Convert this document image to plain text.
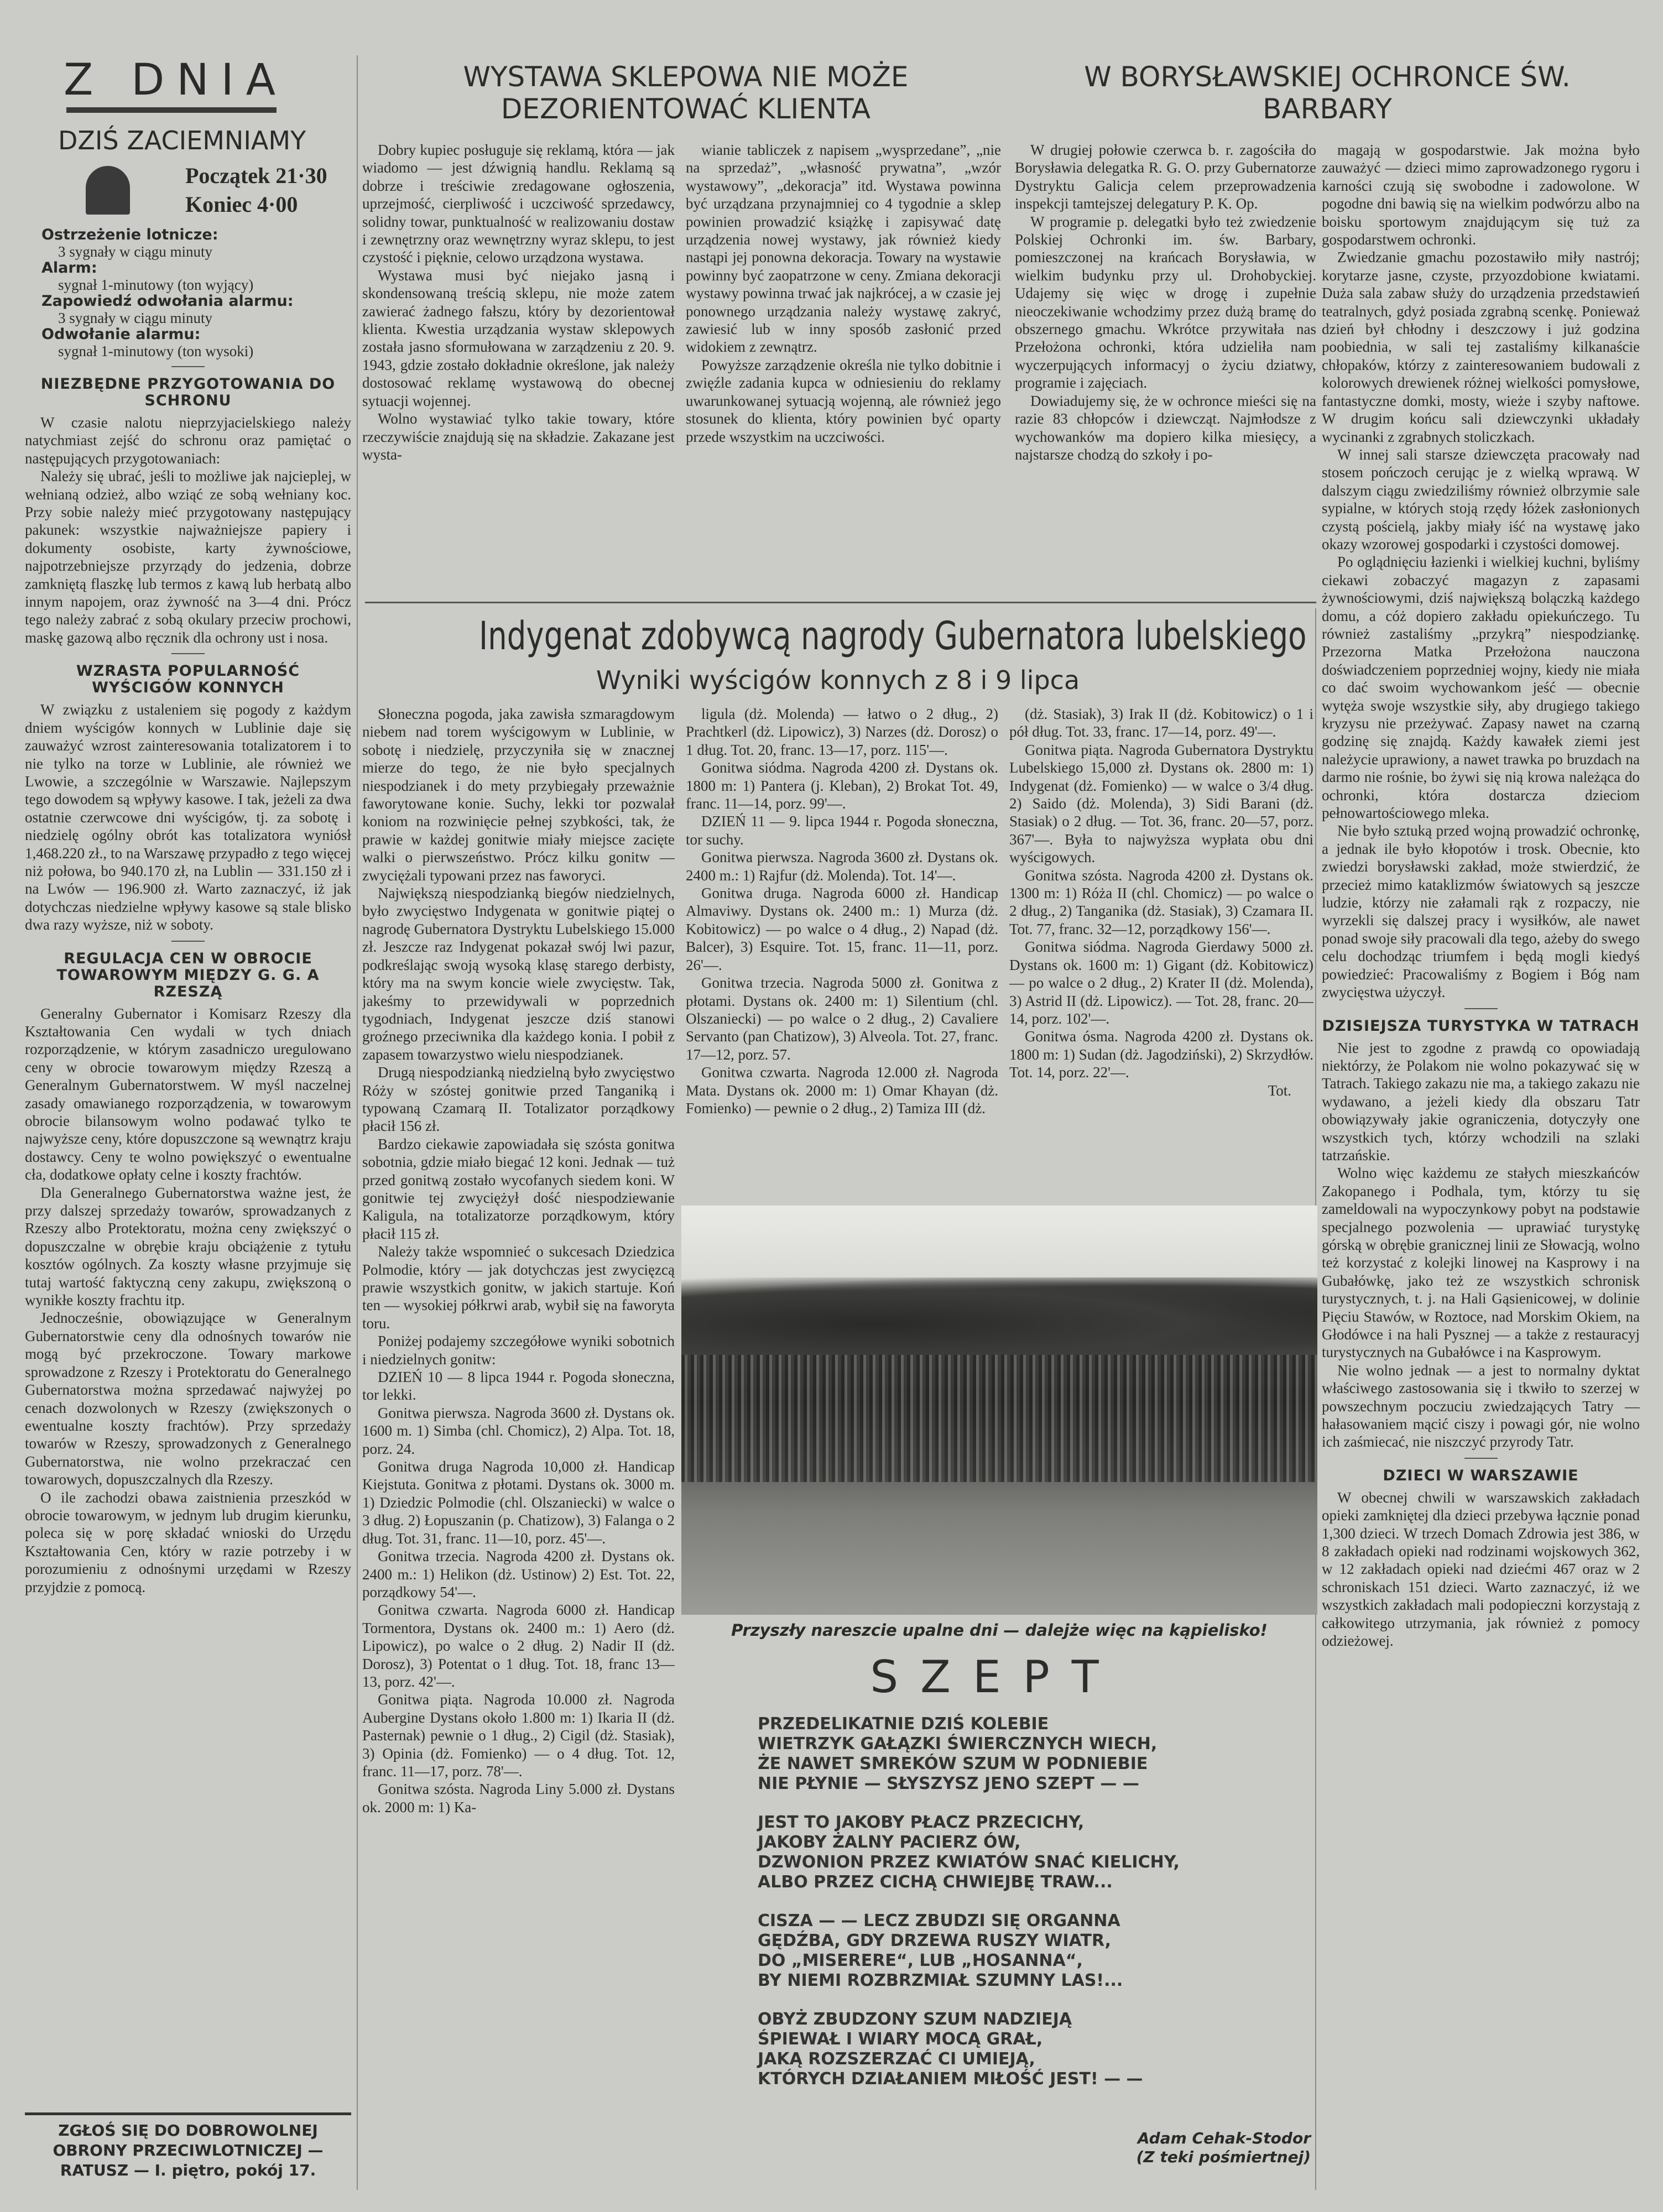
Z DNIA
DZIŚ ZACIEMNIAMY
Początek 21·30
Koniec 4·00
Ostrzeżenie lotnicze:
3 sygnały w ciągu minuty
Alarm:
sygnał 1-minutowy (ton wyjący)
Zapowiedź odwołania alarmu:
3 sygnały w ciągu minuty
Odwołanie alarmu:
sygnał 1-minutowy (ton wysoki)
NIEZBĘDNE PRZYGOTOWANIA DO SCHRONU

W czasie nalotu nieprzyjacielskiego należy natychmiast zejść do schronu oraz pamiętać o następujących przygotowaniach:

Należy się ubrać, jeśli to możliwe jak najcieplej, w wełnianą odzież, albo wziąć ze sobą wełniany koc. Przy sobie należy mieć przygotowany następujący pakunek: wszystkie najważniejsze papiery i dokumenty osobiste, karty żywnościowe, najpotrzebniejsze przyrządy do jedzenia, dobrze zamkniętą flaszkę lub termos z kawą lub herbatą albo innym napojem, oraz żywność na 3—4 dni. Prócz tego należy zabrać z sobą okulary przeciw prochowi, maskę gazową albo ręcznik dla ochrony ust i nosa.

WZRASTA POPULARNOŚĆ WYŚCIGÓW KONNYCH

W związku z ustaleniem się pogody z każdym dniem wyścigów konnych w Lublinie daje się zauważyć wzrost zainteresowania totalizatorem i to nie tylko na torze w Lublinie, ale również we Lwowie, a szczególnie w Warszawie. Najlepszym tego dowodem są wpływy kasowe. I tak, jeżeli za dwa ostatnie czerwcowe dni wyścigów, tj. za sobotę i niedzielę ogólny obrót kas totalizatora wyniósł 1,468.220 zł., to na Warszawę przypadło z tego więcej niż połowa, bo 940.170 zł, na Lublin — 331.150 zł i na Lwów — 196.900 zł. Warto zaznaczyć, iż jak dotychczas niedzielne wpływy kasowe są stale blisko dwa razy wyższe, niż w soboty.

REGULACJA CEN W OBROCIE TOWAROWYM MIĘDZY G. G. A RZESZĄ

Generalny Gubernator i Komisarz Rzeszy dla Kształtowania Cen wydali w tych dniach rozporządzenie, w którym zasadniczo uregulowano ceny w obrocie towarowym między Rzeszą a Generalnym Gubernatorstwem. W myśl naczelnej zasady omawianego rozporządzenia, w towarowym obrocie bilansowym wolno podawać tylko te najwyższe ceny, które dopuszczone są wewnątrz kraju dostawcy. Ceny te wolno powiększyć o ewentualne cła, dodatkowe opłaty celne i koszty frachtów.

Dla Generalnego Gubernatorstwa ważne jest, że przy dalszej sprzedaży towarów, sprowadzanych z Rzeszy albo Protektoratu, można ceny zwiększyć o dopuszczalne w obrębie kraju obciążenie z tytułu kosztów ogólnych. Za koszty własne przyjmuje się tutaj wartość faktyczną ceny zakupu, zwiększoną o wynikłe koszty frachtu itp.

Jednocześnie, obowiązujące w Generalnym Gubernatorstwie ceny dla odnośnych towarów nie mogą być przekroczone. Towary markowe sprowadzone z Rzeszy i Protektoratu do Generalnego Gubernatorstwa można sprzedawać najwyżej po cenach dozwolonych w Rzeszy (zwiększonych o ewentualne koszty frachtów). Przy sprzedaży towarów w Rzeszy, sprowadzonych z Generalnego Gubernatorstwa, nie wolno przekraczać cen towarowych, dopuszczalnych dla Rzeszy.

O ile zachodzi obawa zaistnienia przeszkód w obrocie towarowym, w jednym lub drugim kierunku, poleca się w porę składać wnioski do Urzędu Kształtowania Cen, który w razie potrzeby i w porozumieniu z odnośnymi urzędami w Rzeszy przyjdzie z pomocą.

ZGŁOŚ SIĘ DO DOBROWOLNEJ OBRONY PRZECIWLOTNICZEJ — RATUSZ — I. piętro, pokój 17.
WYSTAWA SKLEPOWA NIE MOŻE DEZORIENTOWAĆ KLIENTA

Dobry kupiec posługuje się reklamą, która — jak wiadomo — jest dźwignią handlu. Reklamą są dobrze i treściwie zredagowane ogłoszenia, uprzejmość, cierpliwość i uczciwość sprzedawcy, solidny towar, punktualność w realizowaniu dostaw i zewnętrzny oraz wewnętrzny wyraz sklepu, to jest czystość i pięknie, celowo urządzona wystawa.

Wystawa musi być niejako jasną i skondensowaną treścią sklepu, nie może zatem zawierać żadnego fałszu, który by dezorientował klienta. Kwestia urządzania wystaw sklepowych została jasno sformułowana w zarządzeniu z 20. 9. 1943, gdzie zostało dokładnie określone, jak należy dostosować reklamę wystawową do obecnej sytuacji wojennej.

Wolno wystawiać tylko takie towary, które rzeczywiście znajdują się na składzie. Zakazane jest wysta-

wianie tabliczek z napisem „wysprzedane”, „nie na sprzedaż”, „własność prywatna”, „wzór wystawowy”, „dekoracja” itd. Wystawa powinna być urządzana przynajmniej co 4 tygodnie a sklep powinien prowadzić książkę i zapisywać datę urządzenia nowej wystawy, jak również kiedy nastąpi jej ponowna dekoracja. Towary na wystawie powinny być zaopatrzone w ceny. Zmiana dekoracji wystawy powinna trwać jak najkrócej, a w czasie jej ponownego urządzania należy wystawę zakryć, zawiesić lub w inny sposób zasłonić przed widokiem z zewnątrz.

Powyższe zarządzenie określa nie tylko dobitnie i zwięźle zadania kupca w odniesieniu do reklamy uwarunkowanej sytuacją wojenną, ale również jego stosunek do klienta, który powinien być oparty przede wszystkim na uczciwości.

W BORYSŁAWSKIEJ OCHRONCE ŚW. BARBARY

W drugiej połowie czerwca b. r. zagościła do Borysławia delegatka R. G. O. przy Gubernatorze Dystryktu Galicja celem przeprowadzenia inspekcji tamtejszej delegatury P. K. Op.

W programie p. delegatki było też zwiedzenie Polskiej Ochronki im. św. Barbary, pomieszczonej na krańcach Borysławia, w wielkim budynku przy ul. Drohobyckiej. Udajemy się więc w drogę i zupełnie nieoczekiwanie wchodzimy przez dużą bramę do obszernego gmachu. Wkrótce przywitała nas Przełożona ochronki, która udzieliła nam wyczerpujących informacyj o życiu dziatwy, programie i zajęciach.

Dowiadujemy się, że w ochronce mieści się na razie 83 chłopców i dziewcząt. Najmłodsze z wychowanków ma dopiero kilka miesięcy, a najstarsze chodzą do szkoły i po-

magają w gospodarstwie. Jak można było zauważyć — dzieci mimo zaprowadzonego rygoru i karności czują się swobodne i zadowolone. W pogodne dni bawią się na wielkim podwórzu albo na boisku sportowym znajdującym się tuż za gospodarstwem ochronki.

Zwiedzanie gmachu pozostawiło miły nastrój; korytarze jasne, czyste, przyozdobione kwiatami. Duża sala zabaw służy do urządzenia przedstawień teatralnych, gdyż posiada zgrabną scenkę. Ponieważ dzień był chłodny i deszczowy i już godzina poobiednia, w sali tej zastaliśmy kilkanaście chłopaków, którzy z zainteresowaniem budowali z kolorowych drewienek różnej wielkości pomysłowe, fantastyczne domki, mosty, wieże i szyby naftowe. W drugim końcu sali dziewczynki układały wycinanki z zgrabnych stoliczkach.

W innej sali starsze dziewczęta pracowały nad stosem pończoch cerując je z wielką wprawą. W dalszym ciągu zwiedziliśmy również olbrzymie sale sypialne, w których stoją rzędy łóżek zasłonionych czystą pościelą, jakby miały iść na wystawę jako okazy wzorowej gospodarki i czystości domowej.

Po oglądnięciu łazienki i wielkiej kuchni, byliśmy ciekawi zobaczyć magazyn z zapasami żywnościowymi, dziś największą bolączką każdego domu, a cóż dopiero zakładu opiekuńczego. Tu również zastaliśmy „przykrą” niespodziankę. Przezorna Matka Przełożona nauczona doświadczeniem poprzedniej wojny, kiedy nie miała co dać swoim wychowankom jeść — obecnie wytęża swoje wszystkie siły, aby drugiego takiego kryzysu nie przeżywać. Zapasy nawet na czarną godzinę się znajdą. Każdy kawałek ziemi jest należycie uprawiony, a nawet trawka po bruzdach na darmo nie rośnie, bo żywi się nią krowa należąca do ochronki, która dostarcza dzieciom pełnowartościowego mleka.

Nie było sztuką przed wojną prowadzić ochronkę, a jednak ile było kłopotów i trosk. Obecnie, kto zwiedzi borysławski zakład, może stwierdzić, że przecież mimo kataklizmów światowych są jeszcze ludzie, którzy nie załamali rąk z rozpaczy, nie wyrzekli się dalszej pracy i wysiłków, ale nawet ponad swoje siły pracowali dla tego, ażeby do swego celu dochodząc triumfem i będą mogli kiedyś powiedzieć: Pracowaliśmy z Bogiem i Bóg nam zwycięstwa użyczył.

DZISIEJSZA TURYSTYKA W TATRACH

Nie jest to zgodne z prawdą co opowiadają niektórzy, że Polakom nie wolno pokazywać się w Tatrach. Takiego zakazu nie ma, a takiego zakazu nie wydawano, a jeżeli kiedy dla obszaru Tatr obowiązywały jakie ograniczenia, dotyczyły one wszystkich tych, którzy wchodzili na szlaki tatrzańskie.

Wolno więc każdemu ze stałych mieszkańców Zakopanego i Podhala, tym, którzy tu się zameldowali na wypoczynkowy pobyt na podstawie specjalnego pozwolenia — uprawiać turystykę górską w obrębie granicznej linii ze Słowacją, wolno też korzystać z kolejki linowej na Kasprowy i na Gubałówkę, jako też ze wszystkich schronisk turystycznych, t. j. na Hali Gąsienicowej, w dolinie Pięciu Stawów, w Roztoce, nad Morskim Okiem, na Głodówce i na hali Pysznej — a także z restauracyj turystycznych na Gubałówce i na Kasprowym.

Nie wolno jednak — a jest to normalny dyktat właściwego zastosowania się i tkwiło to szerzej w powszechnym poczuciu zwiedzających Tatry — hałasowaniem mącić ciszy i powagi gór, nie wolno ich zaśmiecać, nie niszczyć przyrody Tatr.

DZIECI W WARSZAWIE

W obecnej chwili w warszawskich zakładach opieki zamkniętej dla dzieci przebywa łącznie ponad 1,300 dzieci. W trzech Domach Zdrowia jest 386, w 8 zakładach opieki nad rodzinami wojskowych 362, w 12 zakładach opieki nad dziećmi 467 oraz w 2 schroniskach 151 dzieci. Warto zaznaczyć, iż we wszystkich zakładach mali podopieczni korzystają z całkowitego utrzymania, jak również z pomocy odzieżowej.

Indygenat zdobywcą nagrody Gubernatora lubelskiego
Wyniki wyścigów konnych z 8 i 9 lipca

Słoneczna pogoda, jaka zawisła szmaragdowym niebem nad torem wyścigowym w Lublinie, w sobotę i niedzielę, przyczyniła się w znacznej mierze do tego, że nie było specjalnych niespodzianek i do mety przybiegały przeważnie faworytowane konie. Suchy, lekki tor pozwalał koniom na rozwinięcie pełnej szybkości, tak, że prawie w każdej gonitwie miały miejsce zacięte walki o pierwszeństwo. Prócz kilku gonitw — zwyciężali typowani przez nas faworyci.

Największą niespodzianką biegów niedzielnych, było zwycięstwo Indygenata w gonitwie piątej o nagrodę Gubernatora Dystryktu Lubelskiego 15.000 zł. Jeszcze raz Indygenat pokazał swój lwi pazur, podkreślając swoją wysoką klasę starego derbisty, który ma na swym koncie wiele zwycięstw. Tak, jakeśmy to przewidywali w poprzednich tygodniach, Indygenat jeszcze dziś stanowi groźnego przeciwnika dla każdego konia. I pobił z zapasem towarzystwo wielu niespodzianek.

Drugą niespodzianką niedzielną było zwycięstwo Róży w szóstej gonitwie przed Tanganiką i typowaną Czamarą II. Totalizator porządkowy płacił 156 zł.

Bardzo ciekawie zapowiadała się szósta gonitwa sobotnia, gdzie miało biegać 12 koni. Jednak — tuż przed gonitwą zostało wycofanych siedem koni. W gonitwie tej zwyciężył dość niespodziewanie Kaligula, na totalizatorze porządkowym, który płacił 115 zł.

Należy także wspomnieć o sukcesach Dziedzica Polmodie, który — jak dotychczas jest zwycięzcą prawie wszystkich gonitw, w jakich startuje. Koń ten — wysokiej półkrwi arab, wybił się na faworyta toru.

Poniżej podajemy szczegółowe wyniki sobotnich i niedzielnych gonitw:

DZIEŃ 10 — 8 lipca 1944 r. Pogoda słoneczna, tor lekki.

Gonitwa pierwsza. Nagroda 3600 zł. Dystans ok. 1600 m. 1) Simba (chl. Chomicz), 2) Alpa. Tot. 18, porz. 24.

Gonitwa druga Nagroda 10,000 zł. Handicap Kiejstuta. Gonitwa z płotami. Dystans ok. 3000 m. 1) Dziedzic Polmodie (chl. Olszaniecki) w walce o 3 dług. 2) Łopuszanin (p. Chatizow), 3) Falanga o 2 dług. Tot. 31, franc. 11—10, porz. 45'—.

Gonitwa trzecia. Nagroda 4200 zł. Dystans ok. 2400 m.: 1) Helikon (dż. Ustinow) 2) Est. Tot. 22, porządkowy 54'—.

Gonitwa czwarta. Nagroda 6000 zł. Handicap Tormentora, Dystans ok. 2400 m.: 1) Aero (dż. Lipowicz), po walce o 2 dług. 2) Nadir II (dż. Dorosz), 3) Potentat o 1 dług. Tot. 18, franc 13—13, porz. 42'—.

Gonitwa piąta. Nagroda 10.000 zł. Nagroda Aubergine Dystans około 1.800 m: 1) Ikaria II (dż. Pasternak) pewnie o 1 dług., 2) Cigil (dż. Stasiak), 3) Opinia (dż. Fomienko) — o 4 dług. Tot. 12, franc. 11—17, porz. 78'—.

Gonitwa szósta. Nagroda Liny 5.000 zł. Dystans ok. 2000 m: 1) Ka-

ligula (dż. Molenda) — łatwo o 2 dług., 2) Prachtkerl (dż. Lipowicz), 3) Narzes (dż. Dorosz) o 1 dług. Tot. 20, franc. 13—17, porz. 115'—.

Gonitwa siódma. Nagroda 4200 zł. Dystans ok. 1800 m: 1) Pantera (j. Kleban), 2) Brokat Tot. 49, franc. 11—14, porz. 99'—.

DZIEŃ 11 — 9. lipca 1944 r. Pogoda słoneczna, tor suchy.

Gonitwa pierwsza. Nagroda 3600 zł. Dystans ok. 2400 m.: 1) Rajfur (dż. Molenda). Tot. 14'—.

Gonitwa druga. Nagroda 6000 zł. Handicap Almaviwy. Dystans ok. 2400 m.: 1) Murza (dż. Kobitowicz) — po walce o 4 dług., 2) Napad (dż. Balcer), 3) Esquire. Tot. 15, franc. 11—11, porz. 26'—.

Gonitwa trzecia. Nagroda 5000 zł. Gonitwa z płotami. Dystans ok. 2400 m: 1) Silentium (chl. Olszaniecki) — po walce o 2 dług., 2) Cavaliere Servanto (pan Chatizow), 3) Alveola. Tot. 27, franc. 17—12, porz. 57.

Gonitwa czwarta. Nagroda 12.000 zł. Nagroda Mata. Dystans ok. 2000 m: 1) Omar Khayan (dż. Fomienko) — pewnie o 2 dług., 2) Tamiza III (dż.

(dż. Stasiak), 3) Irak II (dż. Kobitowicz) o 1 i pół dług. Tot. 33, franc. 17—14, porz. 49'—.

Gonitwa piąta. Nagroda Gubernatora Dystryktu Lubelskiego 15,000 zł. Dystans ok. 2800 m: 1) Indygenat (dż. Fomienko) — w walce o 3/4 dług. 2) Saido (dż. Molenda), 3) Sidi Barani (dż. Stasiak) o 2 dług. — Tot. 36, franc. 20—57, porz. 367'—. Była to najwyższa wypłata obu dni wyścigowych.

Gonitwa szósta. Nagroda 4200 zł. Dystans ok. 1300 m: 1) Róża II (chl. Chomicz) — po walce o 2 dług., 2) Tanganika (dż. Stasiak), 3) Czamara II. Tot. 77, franc. 32—12, porządkowy 156'—.

Gonitwa siódma. Nagroda Gierdawy 5000 zł. Dystans ok. 1600 m: 1) Gigant (dż. Kobitowicz) — po walce o 2 dług., 2) Krater II (dż. Molenda), 3) Astrid II (dż. Lipowicz). — Tot. 28, franc. 20—14, porz. 102'—.

Gonitwa ósma. Nagroda 4200 zł. Dystans ok. 1800 m: 1) Sudan (dż. Jagodziński), 2) Skrzydłów. Tot. 14, porz. 22'—.

Tot.
Przyszły nareszcie upalne dni — dalejże więc na kąpielisko!
SZEPT
PRZEDELIKATNIE DZIŚ KOLEBIE
WIETRZYK GAŁĄZKI ŚWIERCZNYCH WIECH,
ŻE NAWET SMREKÓW SZUM W PODNIEBIE
NIE PŁYNIE — SŁYSZYSZ JENO SZEPT — —
JEST TO JAKOBY PŁACZ PRZECICHY,
JAKOBY ŻALNY PACIERZ ÓW,
DZWONION PRZEZ KWIATÓW SNAĆ KIELICHY,
ALBO PRZEZ CICHĄ CHWIEJBĘ TRAW...
CISZA — — LECZ ZBUDZI SIĘ ORGANNA
GĘDŹBA, GDY DRZEWA RUSZY WIATR,
DO „MISERERE“, LUB „HOSANNA“,
BY NIEMI ROZBRZMIAŁ SZUMNY LAS!...
OBYŻ ZBUDZONY SZUM NADZIEJĄ
ŚPIEWAŁ I WIARY MOCĄ GRAŁ,
JAKĄ ROZSZERZAĆ CI UMIEJĄ,
KTÓRYCH DZIAŁANIEM MIŁOŚĆ JEST! — —
Adam Cehak-Stodor
(Z teki pośmiertnej)
